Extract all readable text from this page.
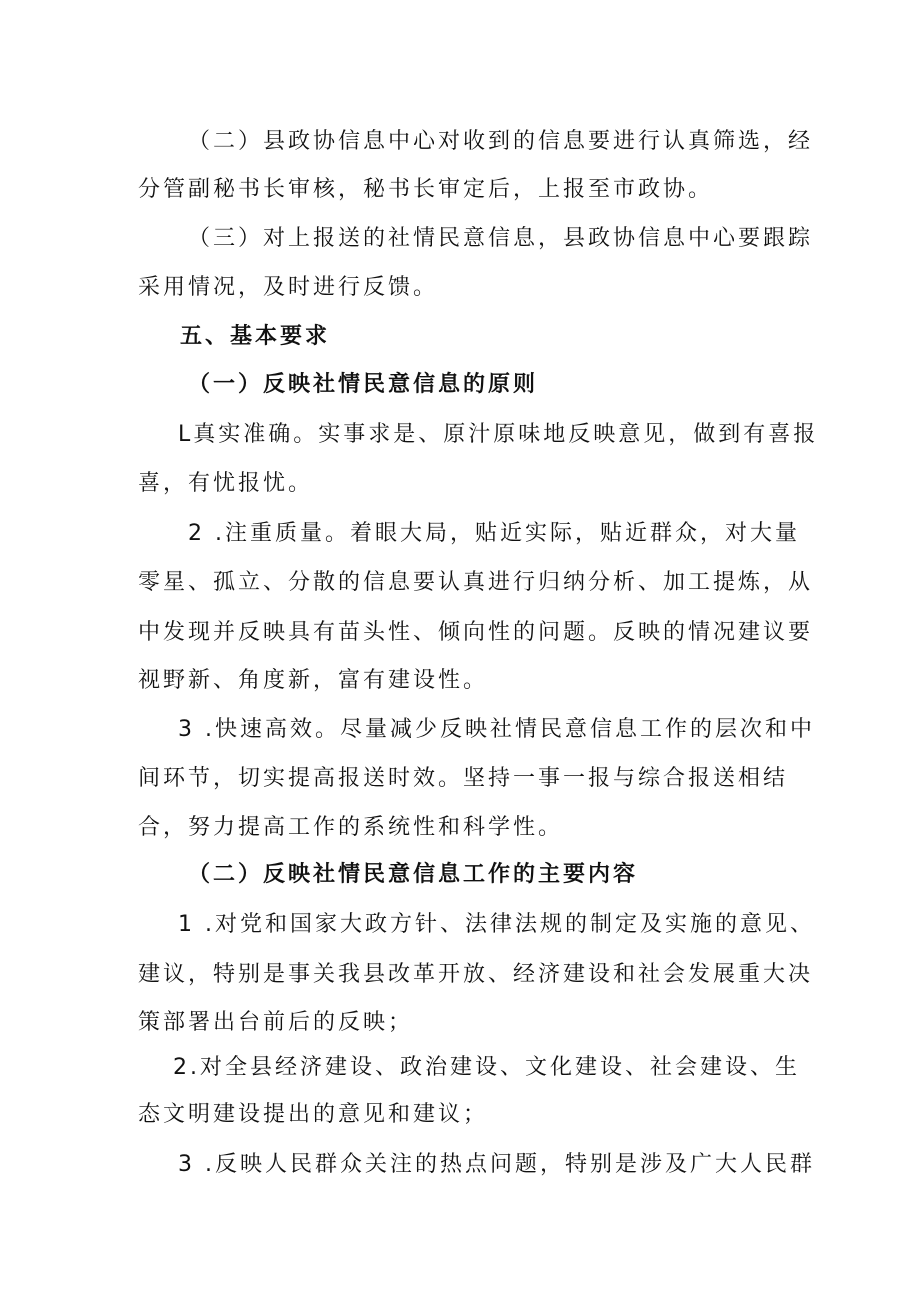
（二）县政协信息中心对收到的信息要进行认真筛选，经
分管副秘书长审核，秘书长审定后，上报至市政协。
（三）对上报送的社情民意信息，县政协信息中心要跟踪
采用情况，及时进行反馈。
五、基本要求
（一）反映社情民意信息的原则
L真实准确。实事求是、原汁原味地反映意见，做到有喜报
喜，有忧报忧。
2 .注重质量。着眼大局，贴近实际，贴近群众，对大量
零星、孤立、分散的信息要认真进行归纳分析、加工提炼，从
中发现并反映具有苗头性、倾向性的问题。反映的情况建议要
视野新、角度新，富有建设性。
3 .快速高效。尽量减少反映社情民意信息工作的层次和中
间环节，切实提高报送时效。坚持一事一报与综合报送相结
合，努力提高工作的系统性和科学性。
（二）反映社情民意信息工作的主要内容
1 .对党和国家大政方针、法律法规的制定及实施的意见、
建议，特别是事关我县改革开放、经济建设和社会发展重大决
策部署出台前后的反映；
2.对全县经济建设、政治建设、文化建设、社会建设、生
态文明建设提出的意见和建议；
3 .反映人民群众关注的热点问题，特别是涉及广大人民群
